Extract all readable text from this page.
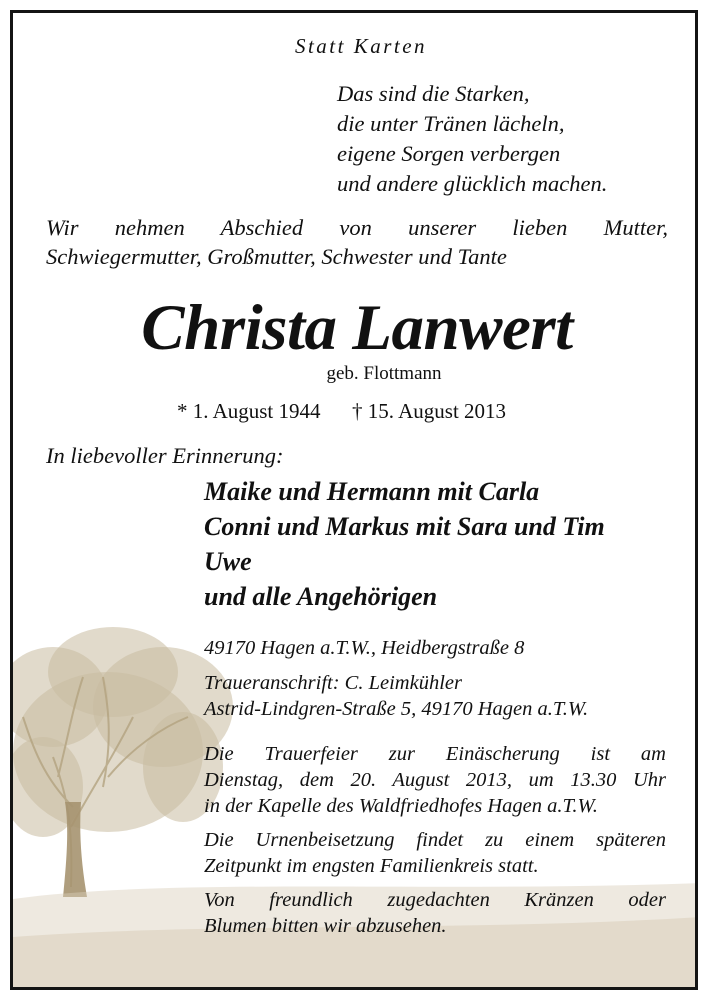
Statt Karten

Das sind die Starken,
die unter Tränen lächeln,
eigene Sorgen verbergen
und andere glücklich machen.
Wir nehmen Abschied von unserer lieben Mutter,
Schwiegermutter, Großmutter, Schwester und Tante

Christa Lanwert

geb. Flottmann

* 1. August 1944 † 15. August 2013

In liebevoller Erinnerung:

Maike und Hermann mit Carla
Conni und Markus mit Sara und Tim
Uwe
und alle Angehörigen

49170 Hagen a.T.W., Heidbergstraße 8

Traueranschrift: C. Leimkühler
Astrid-Lindgren-Straße 5, 49170 Hagen a.T.W.
Die Trauerfeier zur Einäscherung ist am
Dienstag, dem 20. August 2013, um 13.30 Uhr
in der Kapelle des Waldfriedhofes Hagen a.T.W.
Die Urnenbeisetzung findet zu einem späteren
Zeitpunkt im engsten Familienkreis statt.
Von freundlich zugedachten Kränzen oder
Blumen bitten wir abzusehen.
